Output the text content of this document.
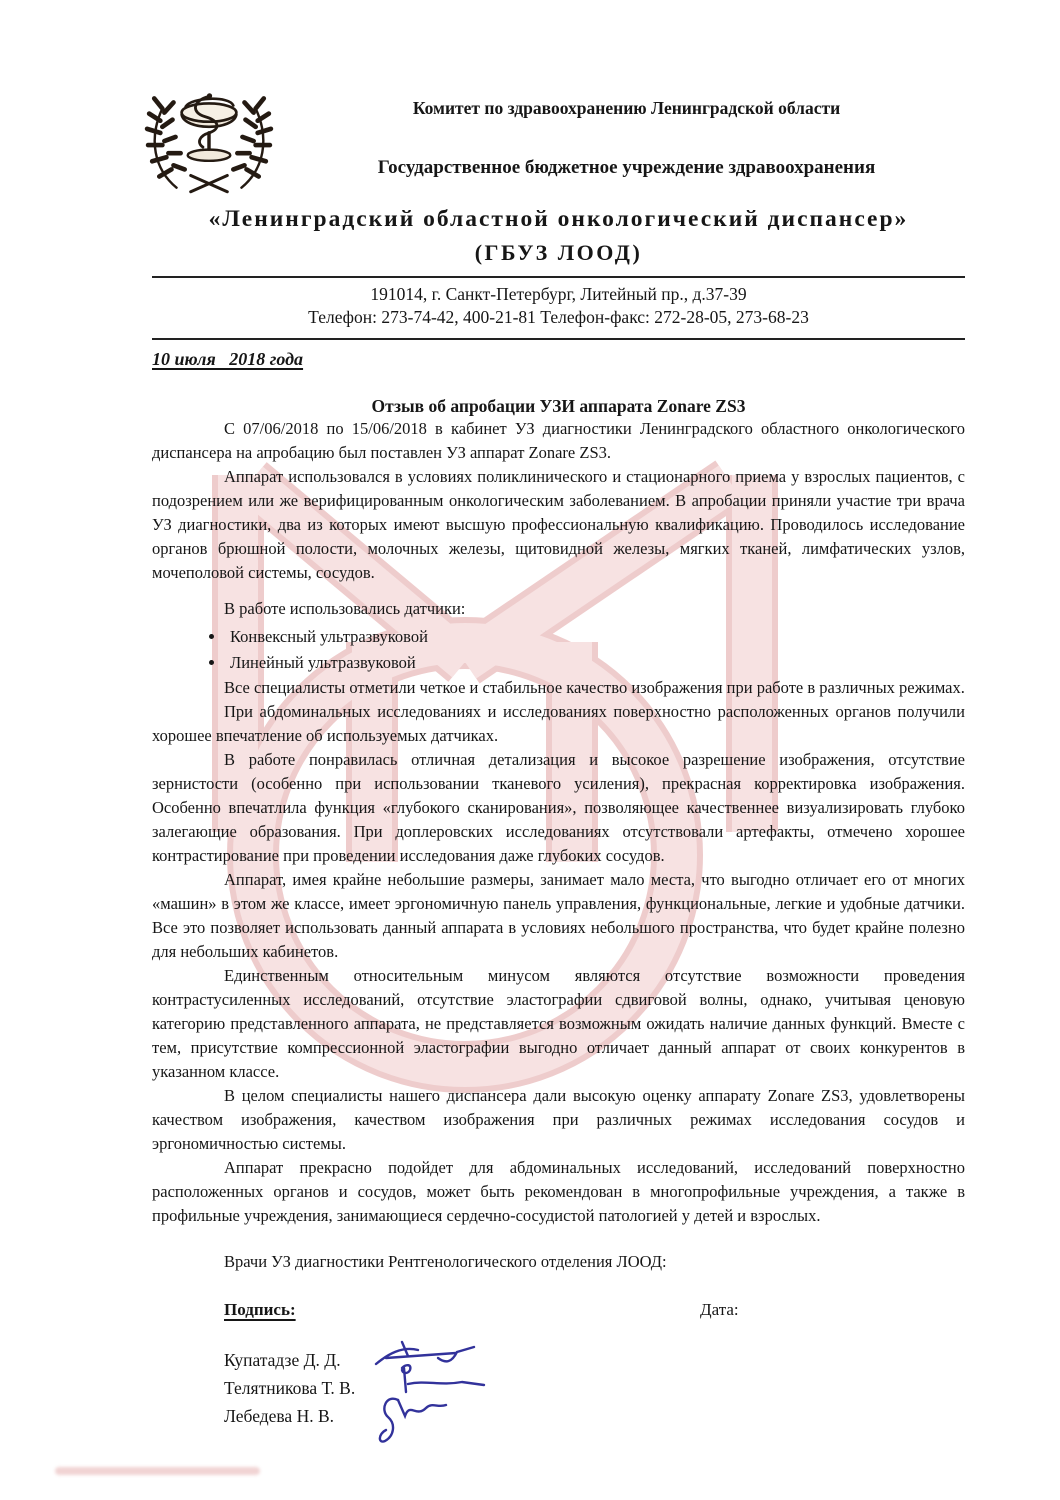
Комитет по здравоохранению Ленинградской области
Государственное бюджетное учреждение здравоохранения
«Ленинградский областной онкологический диспансер»
(ГБУЗ ЛООД)
191014, г. Санкт-Петербург, Литейный пр., д.37-39
Телефон: 273-74-42, 400-21-81 Телефон-факс: 272-28-05, 273-68-23
10 июля   2018 года
Отзыв об апробации УЗИ аппарата Zonare ZS3

С 07/06/2018 по 15/06/2018 в кабинет УЗ диагностики Ленинградского областного онкологического диспансера на апробацию был поставлен УЗ аппарат Zonare ZS3.

Аппарат использовался в условиях поликлинического и стационарного приема у взрослых пациентов, с подозрением или же верифицированным онкологическим заболеванием. В апробации приняли участие три врача УЗ диагностики, два из которых имеют высшую профессиональную квалификацию. Проводилось исследование органов брюшной полости, молочных железы, щитовидной железы, мягких тканей, лимфатических узлов, мочеполовой системы, сосудов.

В работе использовались датчики:
• Конвексный ультразвуковой
• Линейный ультразвуковой

Все специалисты отметили четкое и стабильное качество изображения при работе в различных режимах.

При абдоминальных исследованиях и исследованиях поверхностно расположенных органов получили хорошее впечатление об используемых датчиках.

В работе понравилась отличная детализация и высокое разрешение изображения, отсутствие зернистости (особенно при использовании тканевого усиления), прекрасная корректировка изображения. Особенно впечатлила функция «глубокого сканирования», позволяющее качественнее визуализировать глубоко залегающие образования. При доплеровских исследованиях отсутствовали артефакты, отмечено хорошее контрастирование при проведении исследования даже глубоких сосудов.

Аппарат, имея крайне небольшие размеры, занимает мало места, что выгодно отличает его от многих «машин» в этом же классе, имеет эргономичную панель управления, функциональные, легкие и удобные датчики. Все это позволяет использовать данный аппарата в условиях небольшого пространства, что будет крайне полезно для небольших кабинетов.

Единственным относительным минусом являются отсутствие возможности проведения контрастусиленных исследований, отсутствие эластографии сдвиговой волны, однако, учитывая ценовую категорию представленного аппарата, не представляется возможным ожидать наличие данных функций. Вместе с тем, присутствие компрессионной эластографии выгодно отличает данный аппарат от своих конкурентов в указанном классе.

В целом специалисты нашего диспансера дали высокую оценку аппарату Zonare ZS3, удовлетворены качеством изображения, качеством изображения при различных режимах исследования сосудов и эргономичностью системы.

Аппарат прекрасно подойдет для абдоминальных исследований, исследований поверхностно расположенных органов и сосудов, может быть рекомендован в многопрофильные учреждения, а также в профильные учреждения, занимающиеся сердечно-сосудистой патологией у детей и взрослых.

Врачи УЗ диагностики Рентгенологического отделения ЛООД:
Подпись:	Дата:
Купатадзе Д. Д.
Телятникова Т. В.
Лебедева Н. В.
